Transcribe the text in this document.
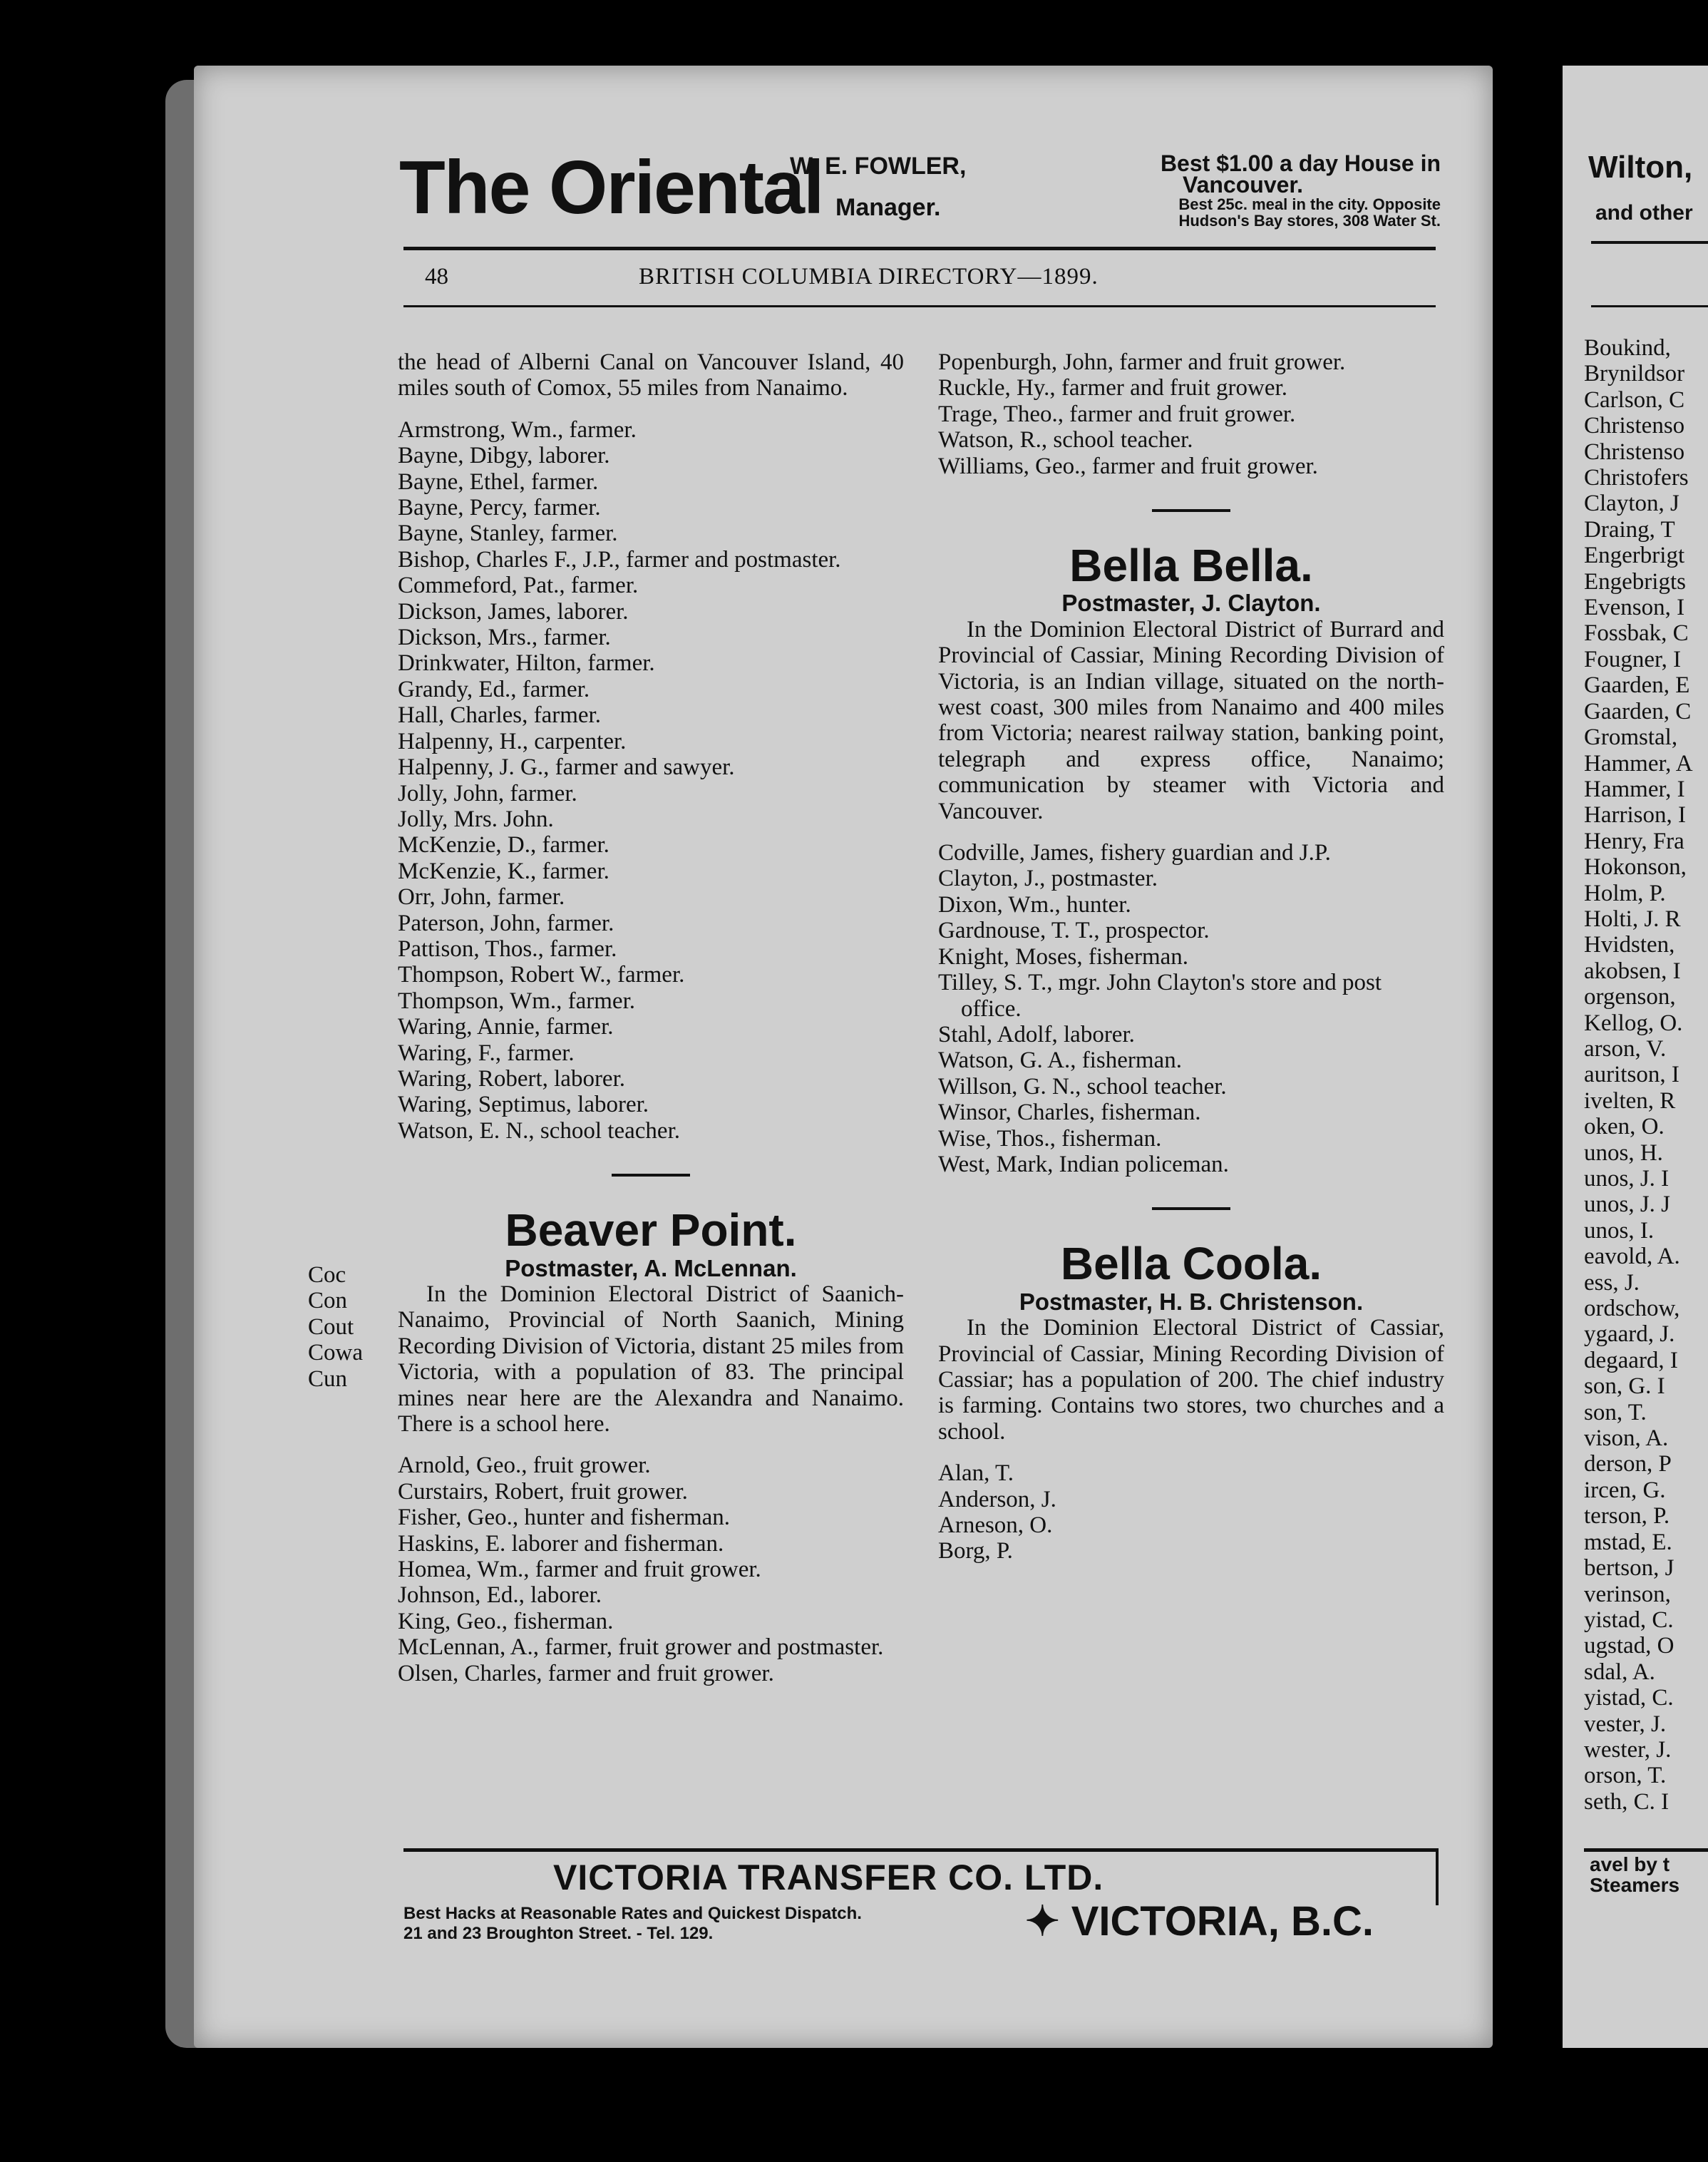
Coc
Con
Cout
Cowa
Cun
The Oriental
W. E. FOWLER,
Manager.
Best $1.00 a day House in
Vancouver.
Best 25c. meal in the city. Opposite
Hudson's Bay stores, 308 Water St.
48	BRITISH COLUMBIA DIRECTORY—1899.

the head of Alberni Canal on Vancouver Island, 40 miles south of Comox, 55 miles from Nanaimo.

Armstrong, Wm., farmer.

Bayne, Dibgy, laborer.

Bayne, Ethel, farmer.

Bayne, Percy, farmer.

Bayne, Stanley, farmer.

Bishop, Charles F., J.P., farmer and postmaster.

Commeford, Pat., farmer.

Dickson, James, laborer.

Dickson, Mrs., farmer.

Drinkwater, Hilton, farmer.

Grandy, Ed., farmer.

Hall, Charles, farmer.

Halpenny, H., carpenter.

Halpenny, J. G., farmer and sawyer.

Jolly, John, farmer.

Jolly, Mrs. John.

McKenzie, D., farmer.

McKenzie, K., farmer.

Orr, John, farmer.

Paterson, John, farmer.

Pattison, Thos., farmer.

Thompson, Robert W., farmer.

Thompson, Wm., farmer.

Waring, Annie, farmer.

Waring, F., farmer.

Waring, Robert, laborer.

Waring, Septimus, laborer.

Watson, E. N., school teacher.

Beaver Point.

Postmaster, A. McLennan.

In the Dominion Electoral District of Saanich-Nanaimo, Provincial of North Saanich, Mining Recording Division of Victoria, distant 25 miles from Victoria, with a population of 83. The principal mines near here are the Alexandra and Nanaimo. There is a school here.

Arnold, Geo., fruit grower.

Curstairs, Robert, fruit grower.

Fisher, Geo., hunter and fisherman.

Haskins, E. laborer and fisherman.

Homea, Wm., farmer and fruit grower.

Johnson, Ed., laborer.

King, Geo., fisherman.

McLennan, A., farmer, fruit grower and postmaster.

Olsen, Charles, farmer and fruit grower.

Popenburgh, John, farmer and fruit grower.

Ruckle, Hy., farmer and fruit grower.

Trage, Theo., farmer and fruit grower.

Watson, R., school teacher.

Williams, Geo., farmer and fruit grower.

Bella Bella.

Postmaster, J. Clayton.

In the Dominion Electoral District of Burrard and Provincial of Cassiar, Mining Recording Division of Victoria, is an Indian village, situated on the north-west coast, 300 miles from Nanaimo and 400 miles from Victoria; nearest railway station, banking point, telegraph and express office, Nanaimo; communication by steamer with Victoria and Vancouver.

Codville, James, fishery guardian and J.P.

Clayton, J., postmaster.

Dixon, Wm., hunter.

Gardnouse, T. T., prospector.

Knight, Moses, fisherman.

Tilley, S. T., mgr. John Clayton's store and post office.

Stahl, Adolf, laborer.

Watson, G. A., fisherman.

Willson, G. N., school teacher.

Winsor, Charles, fisherman.

Wise, Thos., fisherman.

West, Mark, Indian policeman.

Bella Coola.

Postmaster, H. B. Christenson.

In the Dominion Electoral District of Cassiar, Provincial of Cassiar, Mining Recording Division of Cassiar; has a population of 200. The chief industry is farming. Contains two stores, two churches and a school.

Alan, T.

Anderson, J.

Arneson, O.

Borg, P.

VICTORIA TRANSFER CO. LTD.
Best Hacks at Reasonable Rates and Quickest Dispatch.
21 and 23 Broughton Street. - Tel. 129.	✦ VICTORIA, B.C.
Wilton,
and other
Boukind,
Brynildsor
Carlson, C
Christenso
Christenso
Christofers
Clayton, J
Draing, T
Engerbrigt
Engebrigts
Evenson, I
Fossbak, C
Fougner, I
Gaarden, E
Gaarden, C
Gromstal,
Hammer, A
Hammer, I
Harrison, I
Henry, Fra
Hokonson,
Holm, P.
Holti, J. R
Hvidsten,
akobsen, I
orgenson,
Kellog, O.
arson, V.
auritson, I
ivelten, R
oken, O.
unos, H.
unos, J. I
unos, J. J
unos, I.
eavold, A.
ess, J.
ordschow,
ygaard, J.
degaard, I
son, G. I
son, T.
vison, A.
derson, P
ircen, G.
terson, P.
mstad, E.
bertson, J
verinson,
yistad, C.
ugstad, O
sdal, A.
yistad, C.
vester, J.
wester, J.
orson, T.
seth, C. I
avel by t
Steamers
